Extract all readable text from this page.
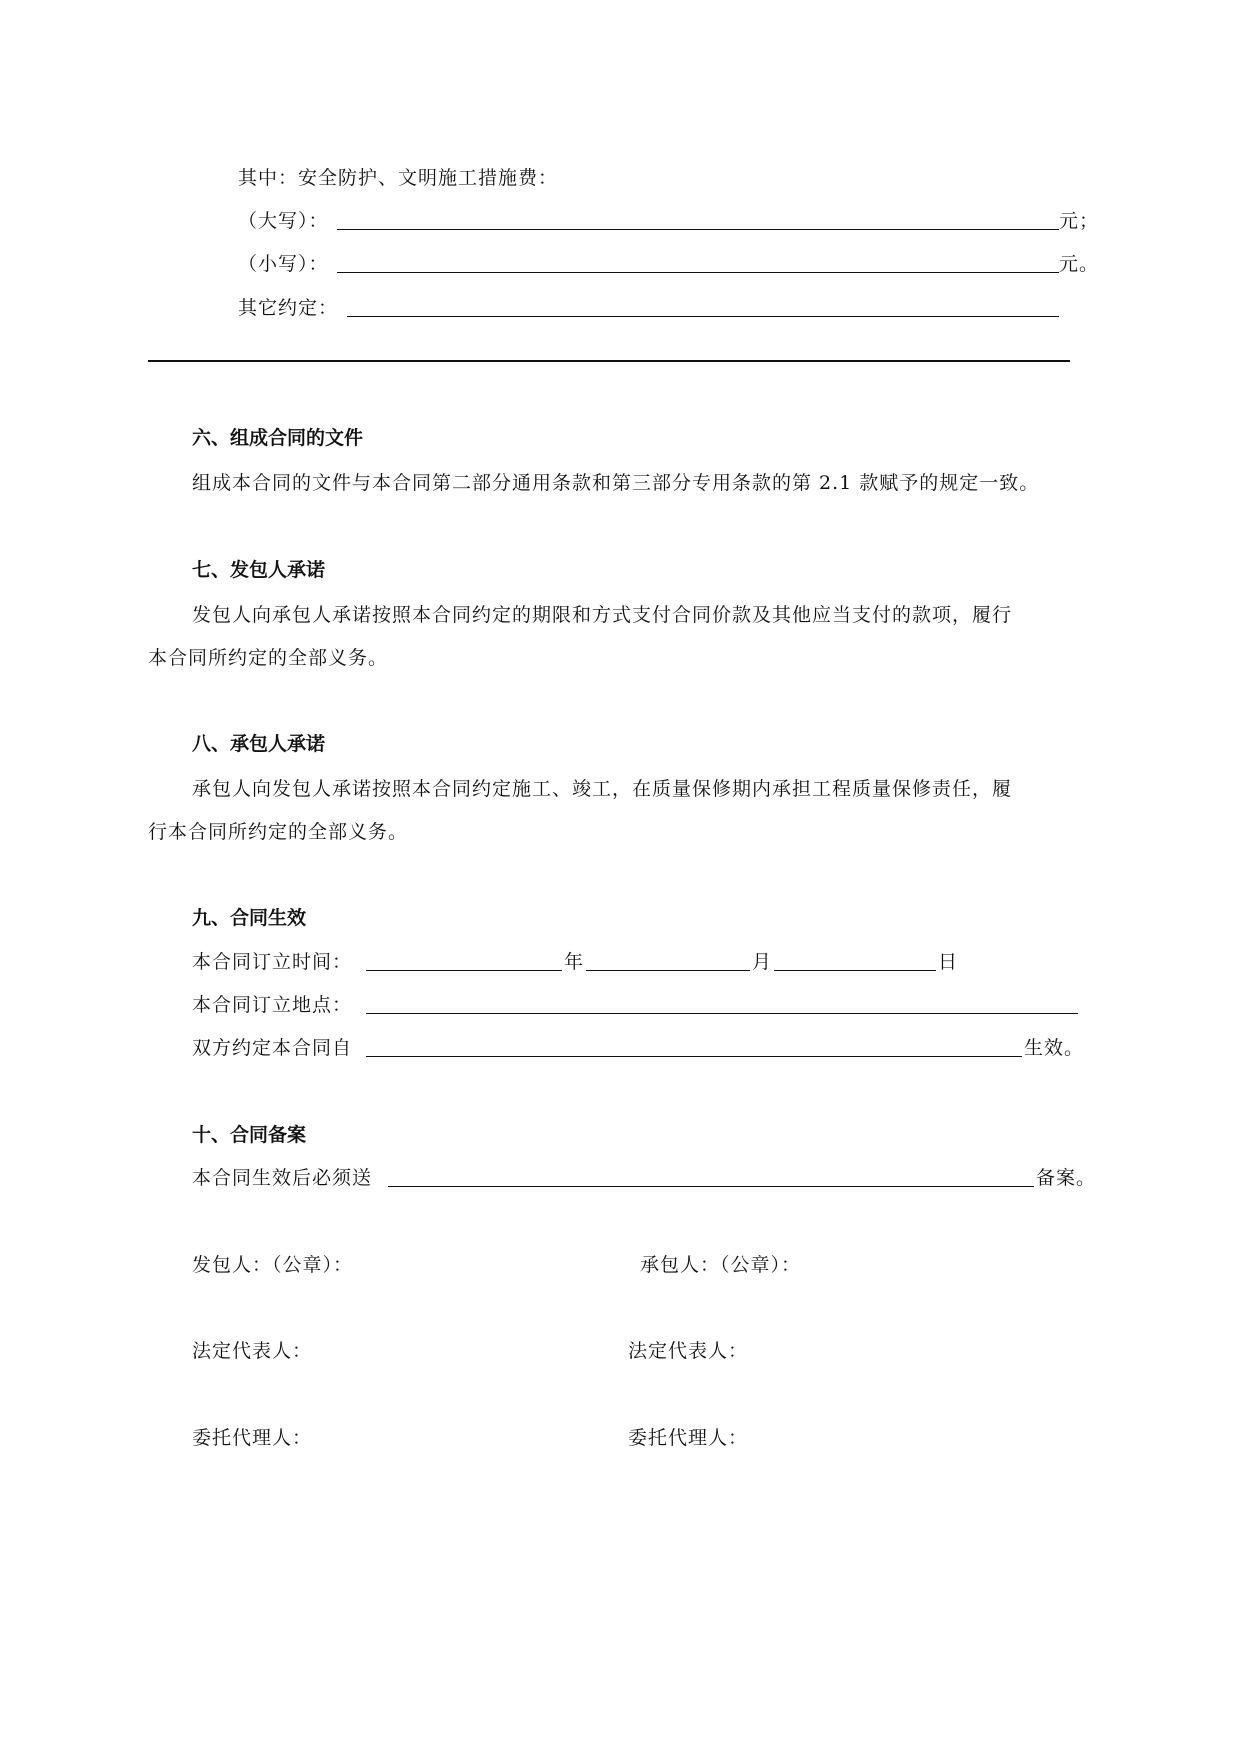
其中：安全防护、文明施工措施费：
（大写）：	元；
（小写）：	元。
其它约定：
六、组成合同的文件
组成本合同的文件与本合同第二部分通用条款和第三部分专用条款的第 2.1 款赋予的规定一致。
七、发包人承诺
发包人向承包人承诺按照本合同约定的期限和方式支付合同价款及其他应当支付的款项，履行
本合同所约定的全部义务。
八、承包人承诺
承包人向发包人承诺按照本合同约定施工、竣工，在质量保修期内承担工程质量保修责任，履
行本合同所约定的全部义务。
九、合同生效
本合同订立时间：	年	月	日
本合同订立地点：
双方约定本合同自	生效。
十、合同备案
本合同生效后必须送	备案。
发包人：（公章）：	承包人：（公章）：
法定代表人：	法定代表人：
委托代理人：	委托代理人：
